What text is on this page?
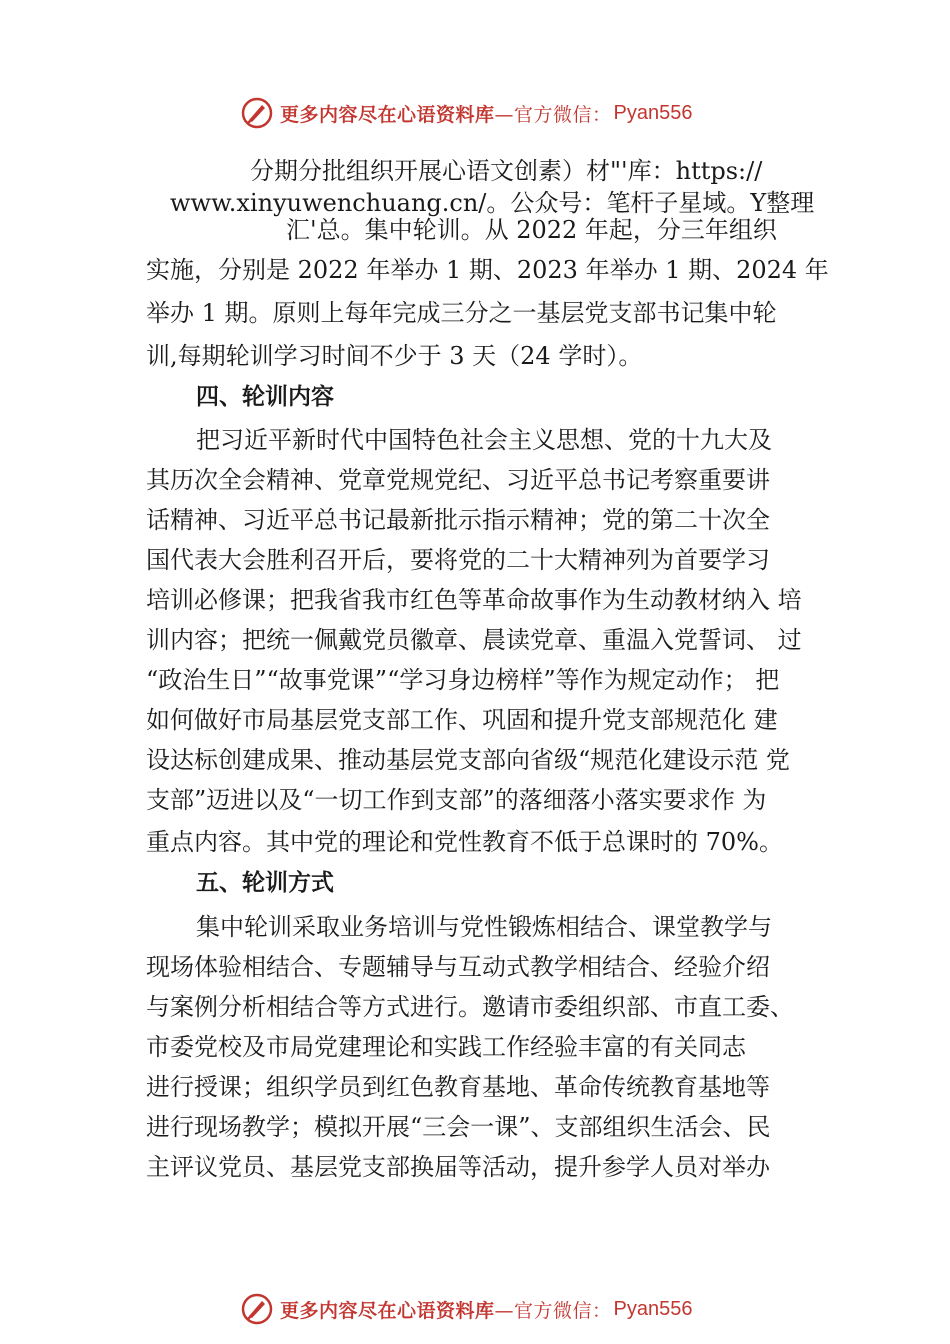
更多内容尽在心语资料库 —官方微信： Pyan556
分期分批组织开展心语文创素）材"'库：https://
www.xinyuwenchuang.cn/。公众号：笔杆子星域。Y整理
汇'总。集中轮训。从 2022 年起，分三年组织
实施，分别是 2022 年举办 1 期、2023 年举办 1 期、2024 年
举办 1 期。原则上每年完成三分之一基层党支部书记集中轮
训,每期轮训学习时间不少于 3 天（24 学时）。
四、轮训内容
把习近平新时代中国特色社会主义思想、党的十九大及
其历次全会精神、党章党规党纪、习近平总书记考察重要讲
话精神、习近平总书记最新批示指示精神；党的第二十次全
国代表大会胜利召开后，要将党的二十大精神列为首要学习
培训必修课；把我省我市红色等革命故事作为生动教材纳入 培
训内容；把统一佩戴党员徽章、晨读党章、重温入党誓词、 过
“政治生日”“故事党课”“学习身边榜样”等作为规定动作； 把
如何做好市局基层党支部工作、巩固和提升党支部规范化 建
设达标创建成果、推动基层党支部向省级“规范化建设示范 党
支部”迈进以及“一切工作到支部”的落细落小落实要求作 为
重点内容。其中党的理论和党性教育不低于总课时的 70%。
五、轮训方式
集中轮训采取业务培训与党性锻炼相结合、课堂教学与
现场体验相结合、专题辅导与互动式教学相结合、经验介绍
与案例分析相结合等方式进行。邀请市委组织部、市直工委、
市委党校及市局党建理论和实践工作经验丰富的有关同志
进行授课；组织学员到红色教育基地、革命传统教育基地等
进行现场教学；模拟开展“三会一课”、支部组织生活会、民
主评议党员、基层党支部换届等活动，提升参学人员对举办
更多内容尽在心语资料库 —官方微信： Pyan556
